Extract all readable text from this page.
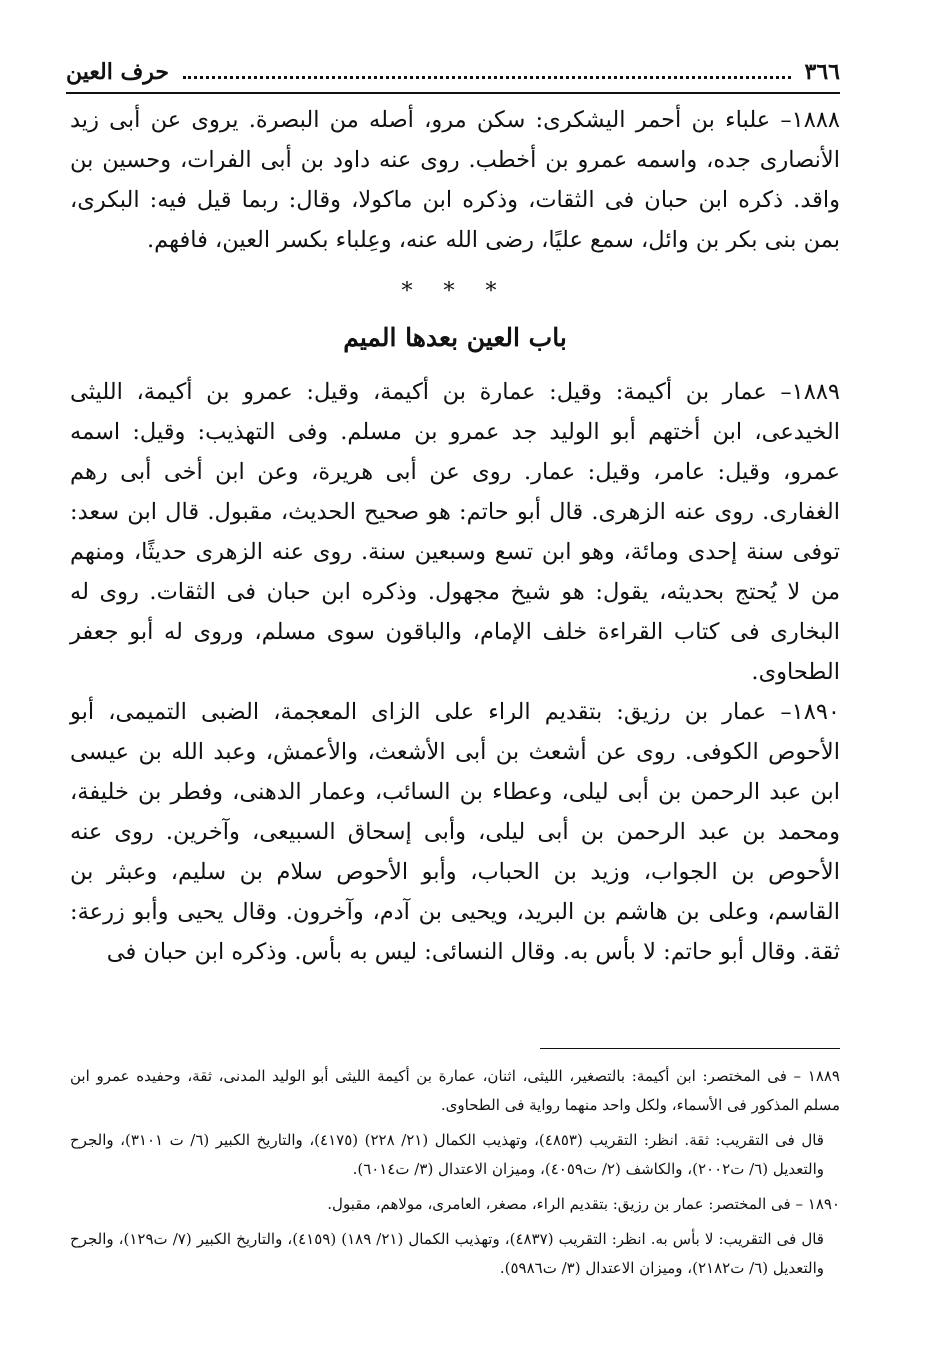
٣٦٦
حرف العين

١٨٨٨– علباء بن أحمر اليشكرى: سكن مرو، أصله من البصرة. يروى عن أبى زيد الأنصارى جده، واسمه عمرو بن أخطب. روى عنه داود بن أبى الفرات، وحسين بن واقد. ذكره ابن حبان فى الثقات، وذكره ابن ماكولا، وقال: ربما قيل فيه: البكرى، بمن بنى بكر بن وائل، سمع عليًا، رضى الله عنه، وعِلباء بكسر العين، فافهم.

* * *
باب العين بعدها الميم

١٨٨٩– عمار بن أكيمة: وقيل: عمارة بن أكيمة، وقيل: عمرو بن أكيمة، الليثى الخيدعى، ابن أختهم أبو الوليد جد عمرو بن مسلم. وفى التهذيب: وقيل: اسمه عمرو، وقيل: عامر، وقيل: عمار. روى عن أبى هريرة، وعن ابن أخى أبى رهم الغفارى. روى عنه الزهرى. قال أبو حاتم: هو صحيح الحديث، مقبول. قال ابن سعد: توفى سنة إحدى ومائة، وهو ابن تسع وسبعين سنة. روى عنه الزهرى حديثًا، ومنهم من لا يُحتج بحديثه، يقول: هو شيخ مجهول. وذكره ابن حبان فى الثقات. روى له البخارى فى كتاب القراءة خلف الإمام، والباقون سوى مسلم، وروى له أبو جعفر الطحاوى.

١٨٩٠– عمار بن رزيق: بتقديم الراء على الزاى المعجمة، الضبى التميمى، أبو الأحوص الكوفى. روى عن أشعث بن أبى الأشعث، والأعمش، وعبد الله بن عيسى ابن عبد الرحمن بن أبى ليلى، وعطاء بن السائب، وعمار الدهنى، وفطر بن خليفة، ومحمد بن عبد الرحمن بن أبى ليلى، وأبى إسحاق السبيعى، وآخرين. روى عنه الأحوص بن الجواب، وزيد بن الحباب، وأبو الأحوص سلام بن سليم، وعبثر بن القاسم، وعلى بن هاشم بن البريد، ويحيى بن آدم، وآخرون. وقال يحيى وأبو زرعة: ثقة. وقال أبو حاتم: لا بأس به. وقال النسائى: ليس به بأس. وذكره ابن حبان فى

١٨٨٩ – فى المختصر: ابن أكيمة: بالتصغير، الليثى، اثنان، عمارة بن أكيمة الليثى أبو الوليد المدنى، ثقة، وحفيده عمرو ابن مسلم المذكور فى الأسماء، ولكل واحد منهما رواية فى الطحاوى.

قال فى التقريب: ثقة. انظر: التقريب (٤٨٥٣)، وتهذيب الكمال (٢١/ ٢٢٨) (٤١٧٥)، والتاريخ الكبير (٦/ ت ٣١٠١)، والجرح والتعديل (٦/ ت٢٠٠٢)، والكاشف (٢/ ت٤٠٥٩)، وميزان الاعتدال (٣/ ت٦٠١٤).

١٨٩٠ – فى المختصر: عمار بن رزيق: بتقديم الراء، مصغر، العامرى، مولاهم، مقبول.

قال فى التقريب: لا بأس به. انظر: التقريب (٤٨٣٧)، وتهذيب الكمال (٢١/ ١٨٩) (٤١٥٩)، والتاريخ الكبير (٧/ ت١٢٩)، والجرح والتعديل (٦/ ت٢١٨٢)، وميزان الاعتدال (٣/ ت٥٩٨٦).
